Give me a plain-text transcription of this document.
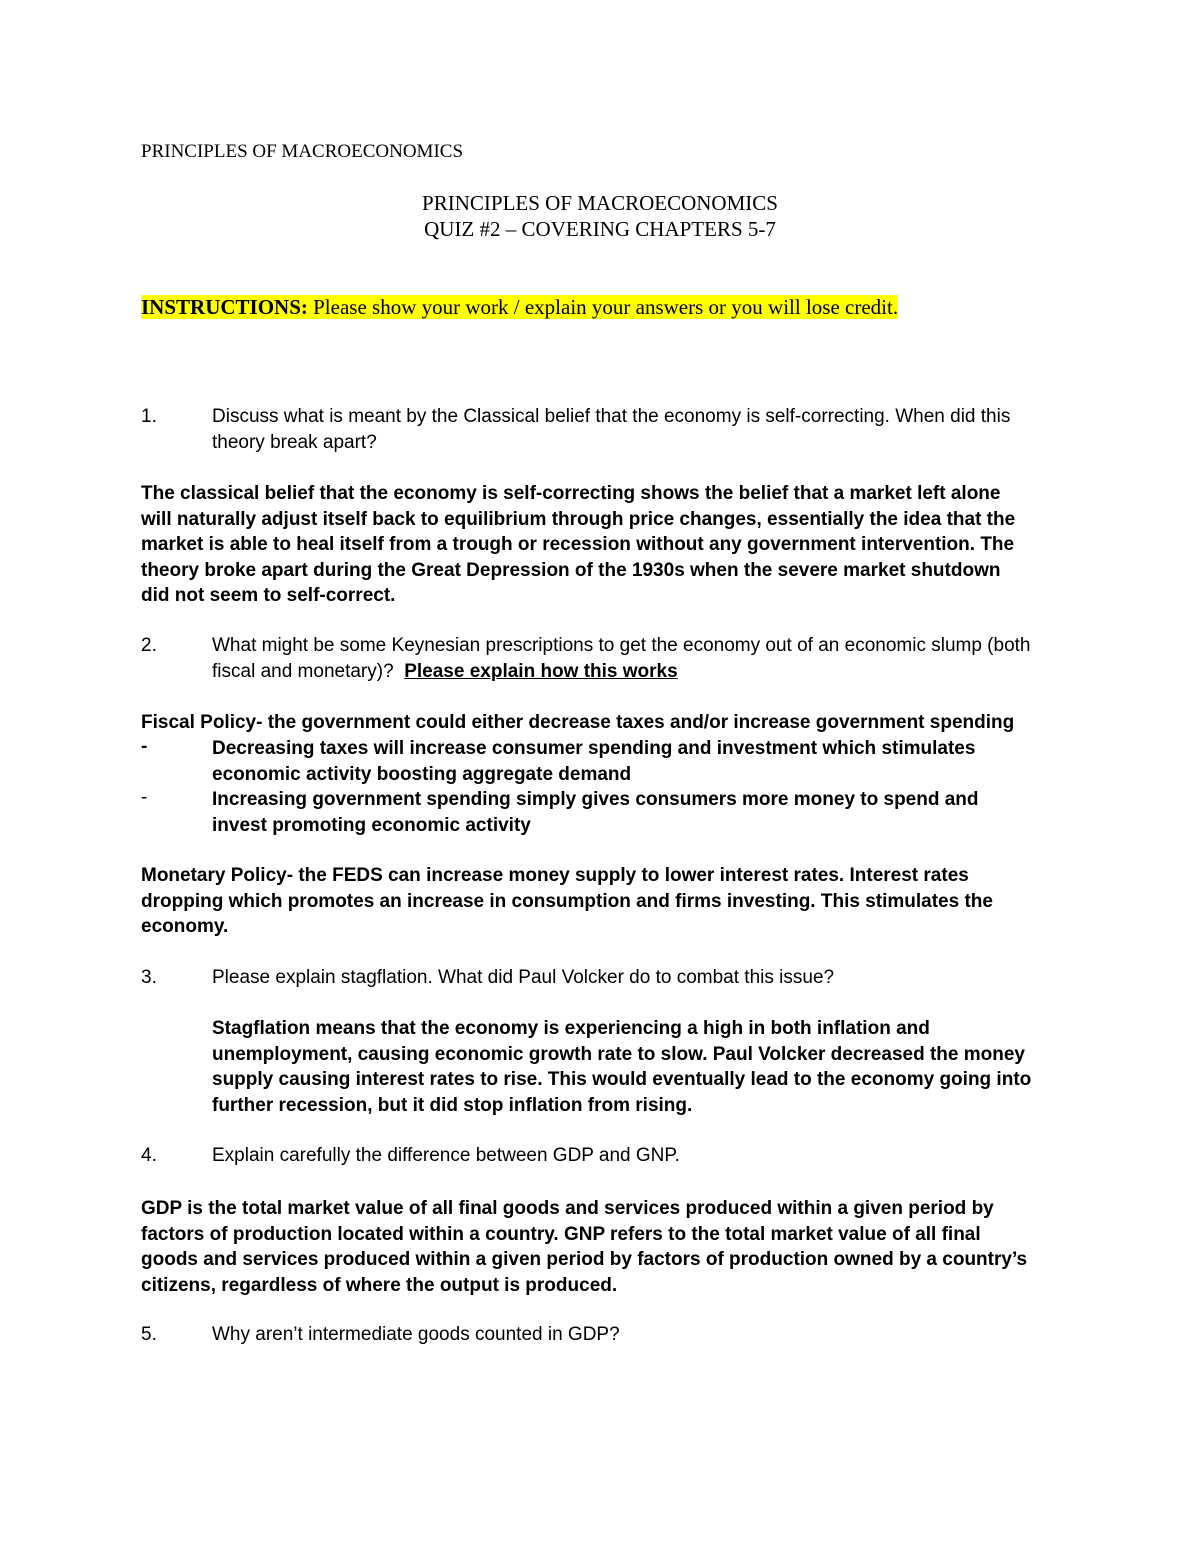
PRINCIPLES OF MACROECONOMICS
PRINCIPLES OF MACROECONOMICS
QUIZ #2 – COVERING CHAPTERS 5-7
INSTRUCTIONS: Please show your work / explain your answers or you will lose credit.
1.	Discuss what is meant by the Classical belief that the economy is self-correcting. When did this
theory break apart?
The classical belief that the economy is self-correcting shows the belief that a market left alone
will naturally adjust itself back to equilibrium through price changes, essentially the idea that the
market is able to heal itself from a trough or recession without any government intervention. The
theory broke apart during the Great Depression of the 1930s when the severe market shutdown
did not seem to self-correct.
2.	What might be some Keynesian prescriptions to get the economy out of an economic slump (both
fiscal and monetary)?  Please explain how this works
Fiscal Policy- the government could either decrease taxes and/or increase government spending
-	Decreasing taxes will increase consumer spending and investment which stimulates
economic activity boosting aggregate demand
-	Increasing government spending simply gives consumers more money to spend and
invest promoting economic activity
Monetary Policy- the FEDS can increase money supply to lower interest rates. Interest rates
dropping which promotes an increase in consumption and firms investing. This stimulates the
economy.
3.	Please explain stagflation. What did Paul Volcker do to combat this issue?
Stagflation means that the economy is experiencing a high in both inflation and
unemployment, causing economic growth rate to slow. Paul Volcker decreased the money
supply causing interest rates to rise. This would eventually lead to the economy going into
further recession, but it did stop inflation from rising.
4.	Explain carefully the difference between GDP and GNP.
GDP is the total market value of all final goods and services produced within a given period by
factors of production located within a country. GNP refers to the total market value of all final
goods and services produced within a given period by factors of production owned by a country’s
citizens, regardless of where the output is produced.
5.	Why aren’t intermediate goods counted in GDP?
